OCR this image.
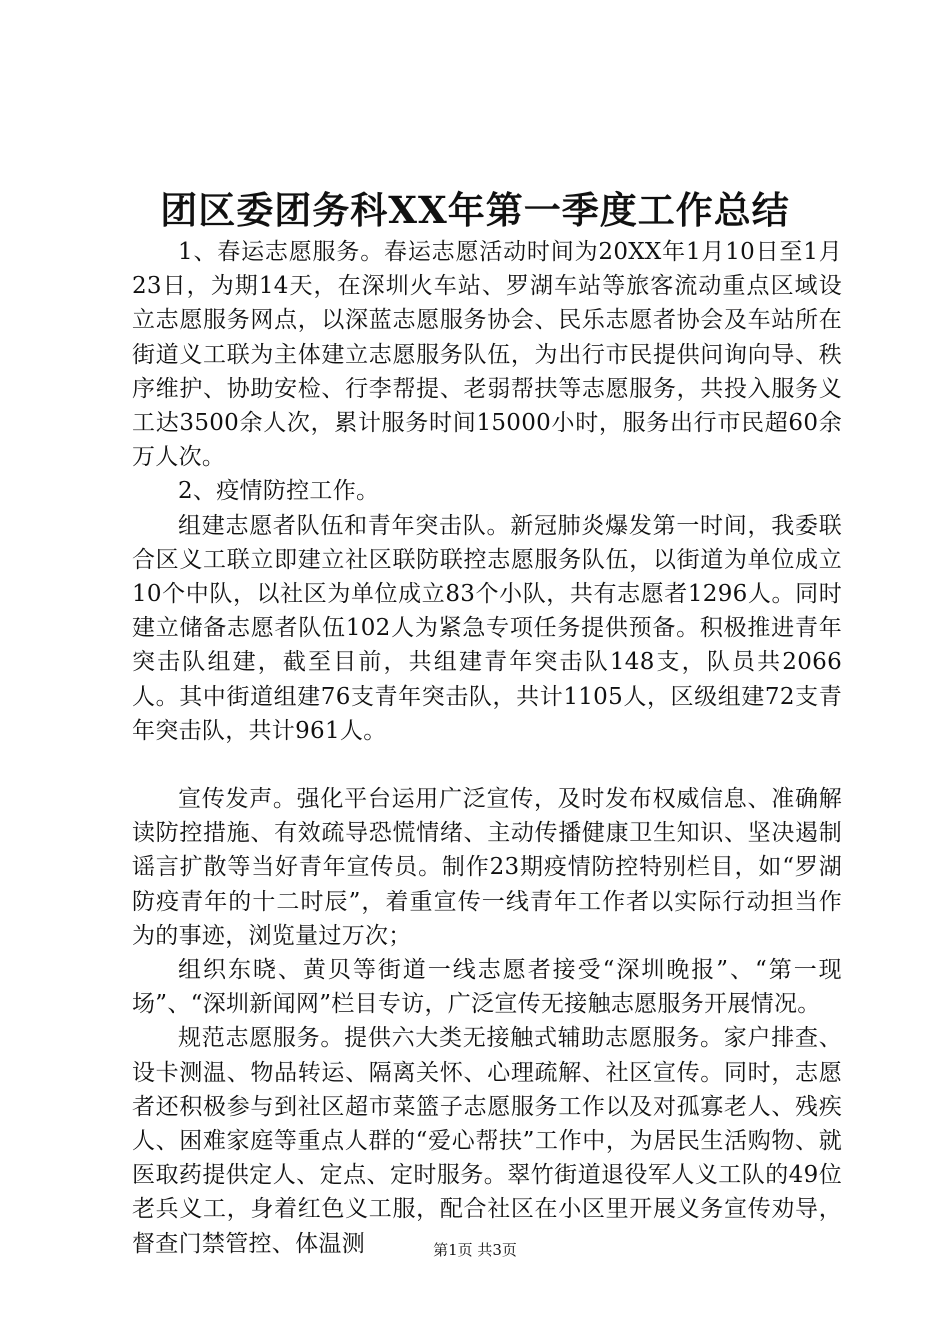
团区委团务科XX年第一季度工作总结

1、春运志愿服务。春运志愿活动时间为20XX年1月10日至1月23日，为期14天，在深圳火车站、罗湖车站等旅客流动重点区域设立志愿服务网点，以深蓝志愿服务协会、民乐志愿者协会及车站所在街道义工联为主体建立志愿服务队伍，为出行市民提供问询向导、秩序维护、协助安检、行李帮提、老弱帮扶等志愿服务，共投入服务义工达3500余人次，累计服务时间15000小时，服务出行市民超60余万人次。

2、疫情防控工作。

组建志愿者队伍和青年突击队。新冠肺炎爆发第一时间，我委联合区义工联立即建立社区联防联控志愿服务队伍，以街道为单位成立10个中队，以社区为单位成立83个小队，共有志愿者1296人。同时建立储备志愿者队伍102人为紧急专项任务提供预备。积极推进青年突击队组建，截至目前，共组建青年突击队148支，队员共2066人。其中街道组建76支青年突击队，共计1105人，区级组建72支青年突击队，共计961人。

宣传发声。强化平台运用广泛宣传，及时发布权威信息、准确解读防控措施、有效疏导恐慌情绪、主动传播健康卫生知识、坚决遏制谣言扩散等当好青年宣传员。制作23期疫情防控特别栏目，如“罗湖防疫青年的十二时辰”，着重宣传一线青年工作者以实际行动担当作为的事迹，浏览量过万次；

组织东晓、黄贝等街道一线志愿者接受“深圳晚报”、“第一现场”、“深圳新闻网”栏目专访，广泛宣传无接触志愿服务开展情况。

规范志愿服务。提供六大类无接触式辅助志愿服务。家户排查、设卡测温、物品转运、隔离关怀、心理疏解、社区宣传。同时，志愿者还积极参与到社区超市菜篮子志愿服务工作以及对孤寡老人、残疾人、困难家庭等重点人群的“爱心帮扶”工作中，为居民生活购物、就医取药提供定人、定点、定时服务。翠竹街道退役军人义工队的49位老兵义工，身着红色义工服，配合社区在小区里开展义务宣传劝导，督查门禁管控、体温测	第1页 共3页
